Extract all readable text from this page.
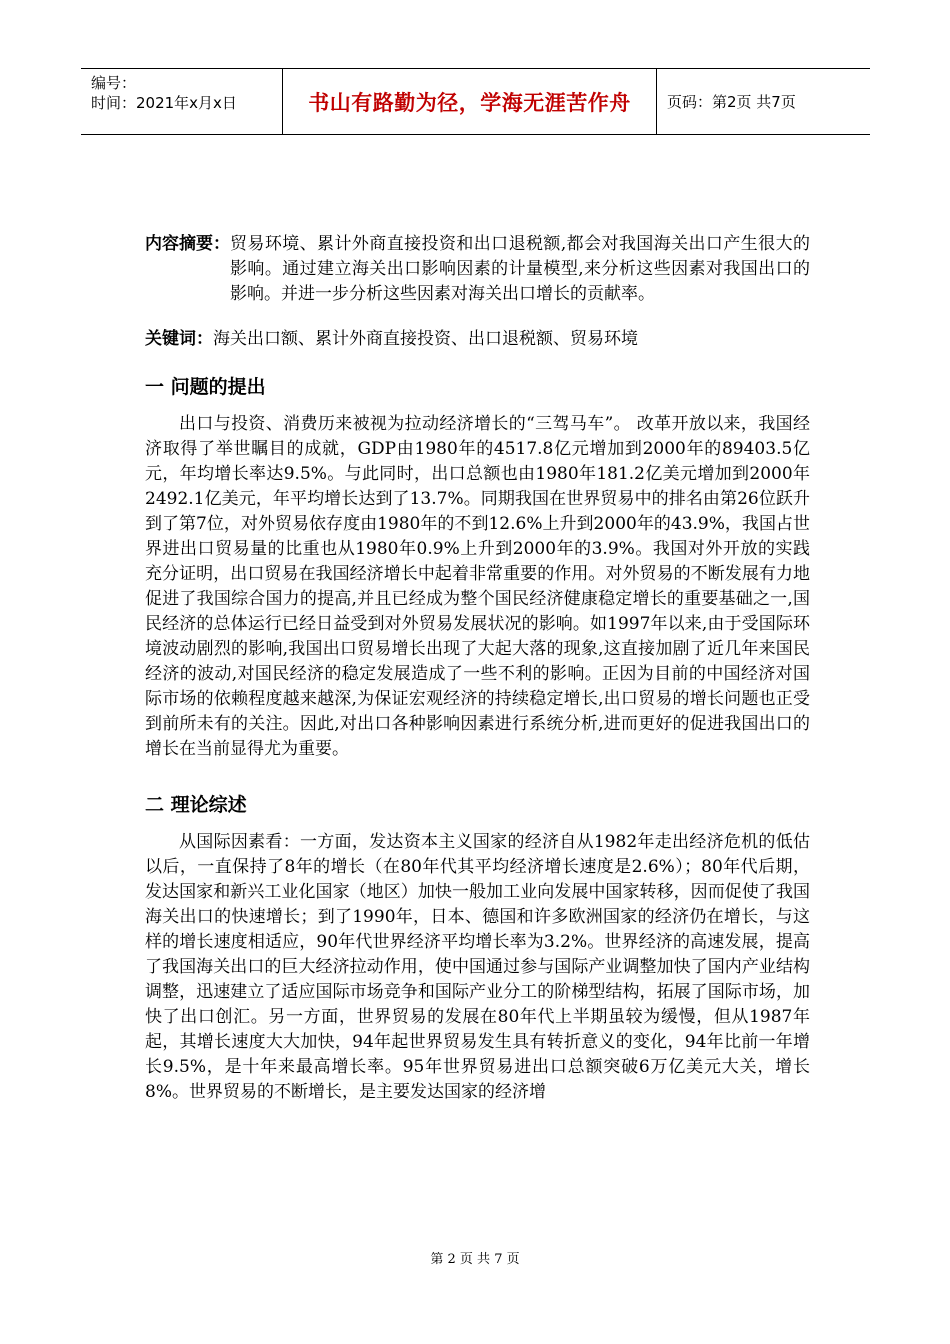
编号：
时间：2021年x月x日	书山有路勤为径，学海无涯苦作舟	页码：第2页 共7页
内容摘要： 贸易环境、累计外商直接投资和出口退税额,都会对我国海关出口产生很大的影响。通过建立海关出口影响因素的计量模型,来分析这些因素对我国出口的影响。并进一步分析这些因素对海关出口增长的贡献率。

关键词：海关出口额、累计外商直接投资、出口退税额、贸易环境
一 问题的提出

出口与投资、消费历来被视为拉动经济增长的“三驾马车”。 改革开放以来，我国经济取得了举世瞩目的成就，GDP由1980年的4517.8亿元增加到2000年的89403.5亿元，年均增长率达9.5%。与此同时，出口总额也由1980年181.2亿美元增加到2000年2492.1亿美元，年平均增长达到了13.7%。同期我国在世界贸易中的排名由第26位跃升到了第7位，对外贸易依存度由1980年的不到12.6%上升到2000年的43.9%，我国占世界进出口贸易量的比重也从1980年0.9%上升到2000年的3.9%。我国对外开放的实践充分证明，出口贸易在我国经济增长中起着非常重要的作用。对外贸易的不断发展有力地促进了我国综合国力的提高,并且已经成为整个国民经济健康稳定增长的重要基础之一,国民经济的总体运行已经日益受到对外贸易发展状况的影响。如1997年以来,由于受国际环境波动剧烈的影响,我国出口贸易增长出现了大起大落的现象,这直接加剧了近几年来国民经济的波动,对国民经济的稳定发展造成了一些不利的影响。正因为目前的中国经济对国际市场的依赖程度越来越深,为保证宏观经济的持续稳定增长,出口贸易的增长问题也正受到前所未有的关注。因此,对出口各种影响因素进行系统分析,进而更好的促进我国出口的增长在当前显得尤为重要。

二 理论综述

从国际因素看：一方面，发达资本主义国家的经济自从1982年走出经济危机的低估以后，一直保持了8年的增长（在80年代其平均经济增长速度是2.6%）；80年代后期，发达国家和新兴工业化国家（地区）加快一般加工业向发展中国家转移，因而促使了我国海关出口的快速增长；到了1990年，日本、德国和许多欧洲国家的经济仍在增长，与这样的增长速度相适应，90年代世界经济平均增长率为3.2%。世界经济的高速发展，提高了我国海关出口的巨大经济拉动作用，使中国通过参与国际产业调整加快了国内产业结构调整，迅速建立了适应国际市场竞争和国际产业分工的阶梯型结构，拓展了国际市场，加快了出口创汇。另一方面，世界贸易的发展在80年代上半期虽较为缓慢，但从1987年起，其增长速度大大加快，94年起世界贸易发生具有转折意义的变化，94年比前一年增长9.5%，是十年来最高增长率。95年世界贸易进出口总额突破6万亿美元大关，增长8%。世界贸易的不断增长，是主要发达国家的经济增

第 2 页 共 7 页
